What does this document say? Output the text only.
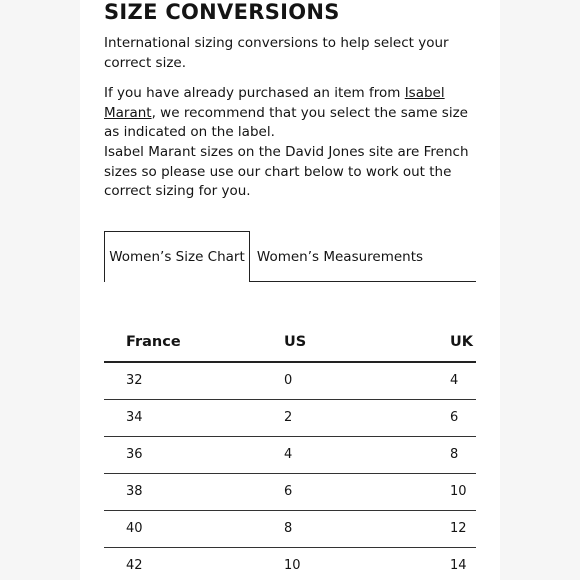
SIZE CONVERSIONS

International sizing conversions to help select your correct size.

If you have already purchased an item from Isabel Marant, we recommend that you select the same size as indicated on the label.

Isabel Marant sizes on the David Jones site are French sizes so please use our chart below to work out the correct sizing for you.

Women’s Size Chart Women’s Measurements
France	US	UK
32	0	4
34	2	6
36	4	8
38	6	10
40	8	12
42	10	14
